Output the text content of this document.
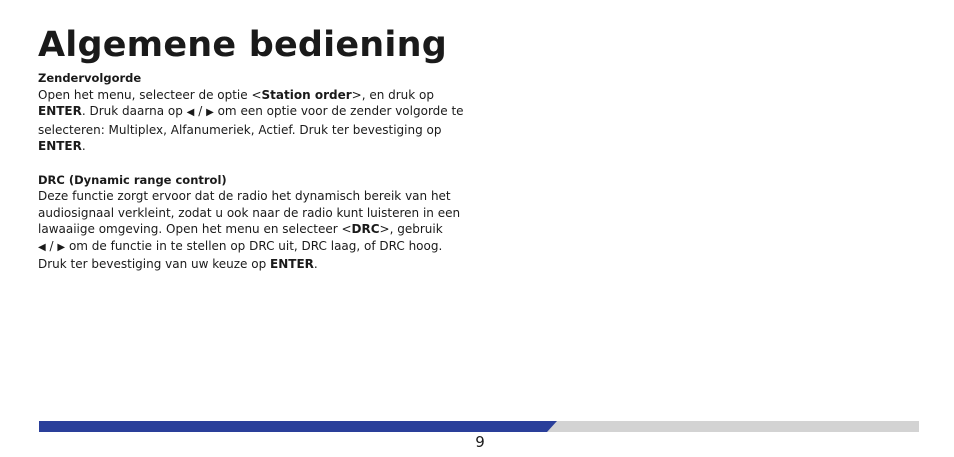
Algemene bediening

Zendervolgorde

Open het menu, selecteer de optie <Station order>, en druk op
ENTER. Druk daarna op ◀ / ▶ om een optie voor de zender volgorde te selecteren: Multiplex, Alfanumeriek, Actief. Druk ter bevestiging op
ENTER.

DRC (Dynamic range control)

Deze functie zorgt ervoor dat de radio het dynamisch bereik van het audiosignaal verkleint, zodat u ook naar de radio kunt luisteren in een lawaaiige omgeving. Open het menu en selecteer <DRC>, gebruik
◀ / ▶ om de functie in te stellen op DRC uit, DRC laag, of DRC hoog. Druk ter bevestiging van uw keuze op ENTER.

9
